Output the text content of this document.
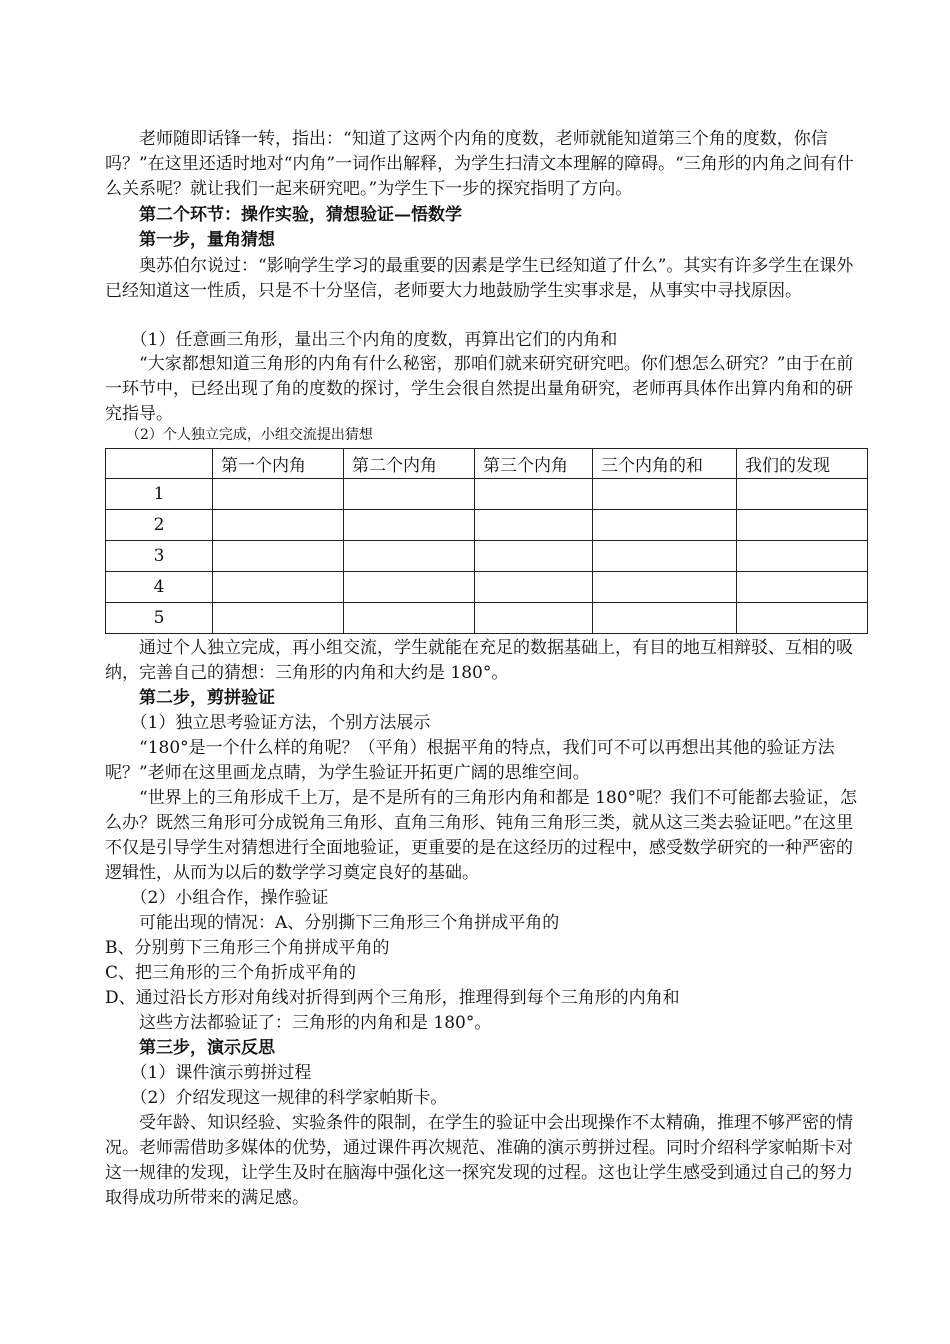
　　老师随即话锋一转，指出：“知道了这两个内角的度数，老师就能知道第三个角的度数，你信吗？”在这里还适时地对“内角”一词作出解释，为学生扫清文本理解的障碍。“三角形的内角之间有什么关系呢？就让我们一起来研究吧。”为学生下一步的探究指明了方向。

　　第二个环节：操作实验，猜想验证—悟数学

　　第一步，量角猜想

　　奥苏伯尔说过：“影响学生学习的最重要的因素是学生已经知道了什么”。其实有许多学生在课外已经知道这一性质，只是不十分坚信，老师要大力地鼓励学生实事求是，从事实中寻找原因。

　　（1）任意画三角形，量出三个内角的度数，再算出它们的内角和

　　“大家都想知道三角形的内角有什么秘密，那咱们就来研究研究吧。你们想怎么研究？”由于在前一环节中，已经出现了角的度数的探讨，学生会很自然提出量角研究，老师再具体作出算内角和的研究指导。

　　（2）个人独立完成，小组交流提出猜想

	第一个内角	第二个内角	第三个内角	三个内角的和	我们的发现
1					
2					
3					
4					
5					

　　通过个人独立完成，再小组交流，学生就能在充足的数据基础上，有目的地互相辩驳、互相的吸纳，完善自己的猜想：三角形的内角和大约是 180°。

　　第二步，剪拼验证

　　（1）独立思考验证方法，个别方法展示

　　“180°是一个什么样的角呢？（平角）根据平角的特点，我们可不可以再想出其他的验证方法呢？”老师在这里画龙点睛，为学生验证开拓更广阔的思维空间。

　　“世界上的三角形成千上万，是不是所有的三角形内角和都是 180°呢？我们不可能都去验证，怎么办？既然三角形可分成锐角三角形、直角三角形、钝角三角形三类，就从这三类去验证吧。”在这里不仅是引导学生对猜想进行全面地验证，更重要的是在这经历的过程中，感受数学研究的一种严密的逻辑性，从而为以后的数学学习奠定良好的基础。

　　（2）小组合作，操作验证

　　可能出现的情况：A、分别撕下三角形三个角拼成平角的

B、分别剪下三角形三个角拼成平角的

C、把三角形的三个角折成平角的

D、通过沿长方形对角线对折得到两个三角形，推理得到每个三角形的内角和

　　这些方法都验证了：三角形的内角和是 180°。

　　第三步，演示反思

　　（1）课件演示剪拼过程

　　（2）介绍发现这一规律的科学家帕斯卡。

　　受年龄、知识经验、实验条件的限制，在学生的验证中会出现操作不太精确，推理不够严密的情况。老师需借助多媒体的优势，通过课件再次规范、准确的演示剪拼过程。同时介绍科学家帕斯卡对这一规律的发现，让学生及时在脑海中强化这一探究发现的过程。这也让学生感受到通过自己的努力取得成功所带来的满足感。
